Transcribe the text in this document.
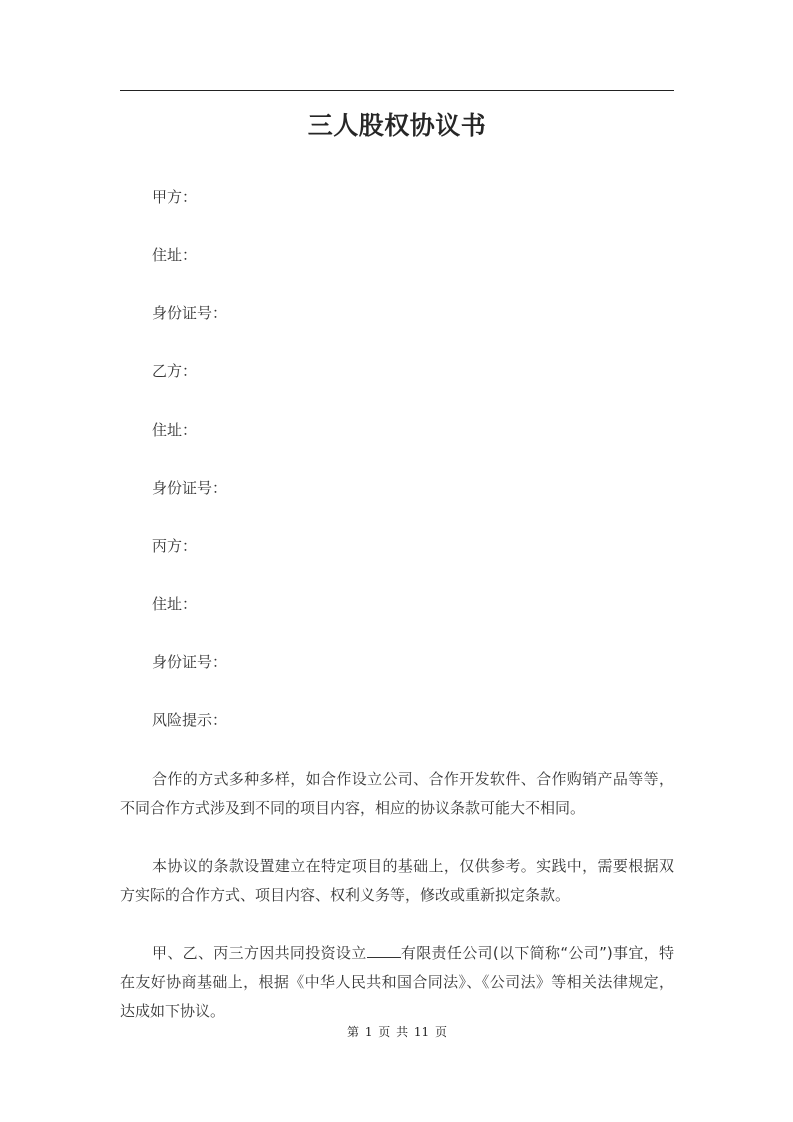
三人股权协议书

甲方：

住址：

身份证号：

乙方：

住址：

身份证号：

丙方：

住址：

身份证号：

风险提示：

合作的方式多种多样，如合作设立公司、合作开发软件、合作购销产品等等，不同合作方式涉及到不同的项目内容，相应的协议条款可能大不相同。

本协议的条款设置建立在特定项目的基础上，仅供参考。实践中，需要根据双方实际的合作方式、项目内容、权利义务等，修改或重新拟定条款。

甲、乙、丙三方因共同投资设立 有限责任公司(以下简称“公司”)事宜，特在友好协商基础上，根据《中华人民共和国合同法》、《公司法》等相关法律规定，达成如下协议。

第 1 页 共 11 页
